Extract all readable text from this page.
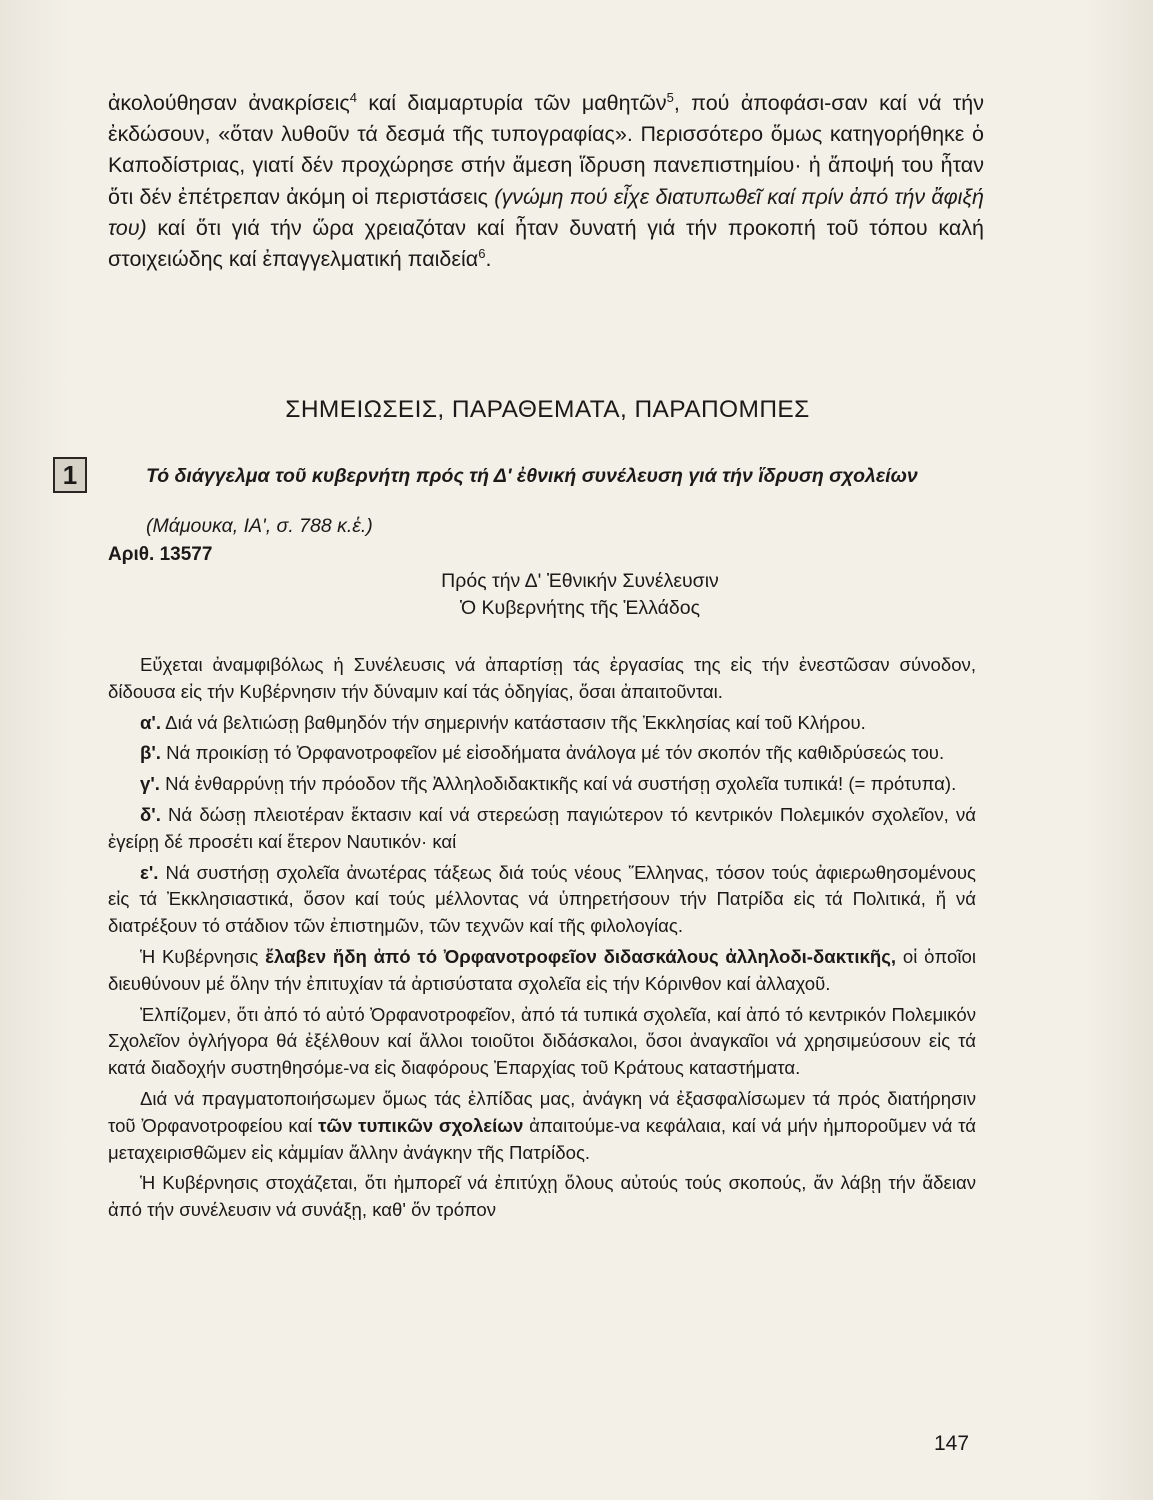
ἀκολούθησαν ἀνακρίσεις$^4$ καί διαμαρτυρία τῶν μαθητῶν$^5$, πού ἀποφάσι-σαν καί νά τήν ἐκδώσουν, «ὅταν λυθοῦν τά δεσμά τῆς τυπογραφίας». Περισσότερο ὅμως κατηγορήθηκε ὁ Καποδίστριας, γιατί δέν προχώρησε στήν ἄμεση ἵδρυση πανεπιστημίου· ἡ ἄποψή του ἦταν ὅτι δέν ἐπέτρεπαν ἀκόμη οἱ περιστάσεις (γνώμη πού εἶχε διατυπωθεῖ καί πρίν ἀπό τήν ἄφιξή του) καί ὅτι γιά τήν ὥρα χρειαζόταν καί ἦταν δυνατή γιά τήν προκοπή τοῦ τόπου καλή στοιχειώδης καί ἐπαγγελματική παιδεία$^6$.

ΣΗΜΕΙΩΣΕΙΣ, ΠΑΡΑΘΕΜΑΤΑ, ΠΑΡΑΠΟΜΠΕΣ
1	Τό διάγγελμα τοῦ κυβερνήτη πρός τή Δ' ἐθνική συνέλευση γιά τήν ἵδρυση σχολείων

(Μάμουκα, ΙΑ', σ. 788 κ.ἑ.)

Αριθ. 13577

Πρός τήν Δ' Ἐθνικήν Συνέλευσιν

Ὁ Κυβερνήτης τῆς Ἑλλάδος

Εὔχεται ἀναμφιβόλως ἡ Συνέλευσις νά ἀπαρτίσῃ τάς ἐργασίας της εἰς τήν ἐνεστῶσαν σύνοδον, δίδουσα εἰς τήν Κυβέρνησιν τήν δύναμιν καί τάς ὁδηγίας, ὅσαι ἀπαιτοῦνται.

α'. Διά νά βελτιώσῃ βαθμηδόν τήν σημερινήν κατάστασιν τῆς Ἐκκλησίας καί τοῦ Κλήρου.

β'. Νά προικίσῃ τό Ὀρφανοτροφεῖον μέ εἰσοδήματα ἀνάλογα μέ τόν σκοπόν τῆς καθιδρύσεώς του.

γ'. Νά ἐνθαρρύνῃ τήν πρόοδον τῆς Ἀλληλοδιδακτικῆς καί νά συστήσῃ σχολεῖα τυπικά! (= πρότυπα).

δ'. Νά δώσῃ πλειοτέραν ἔκτασιν καί νά στερεώσῃ παγιώτερον τό κεντρικόν Πολεμικόν σχολεῖον, νά ἐγείρῃ δέ προσέτι καί ἕτερον Ναυτικόν· καί

ε'. Νά συστήσῃ σχολεῖα ἀνωτέρας τάξεως διά τούς νέους Ἕλληνας, τόσον τούς ἀφιερωθησομένους εἰς τά Ἐκκλησιαστικά, ὅσον καί τούς μέλλοντας νά ὑπηρετήσουν τήν Πατρίδα εἰς τά Πολιτικά, ἤ νά διατρέξουν τό στάδιον τῶν ἐπιστημῶν, τῶν τεχνῶν καί τῆς φιλολογίας.

Ἡ Κυβέρνησις ἔλαβεν ἤδη ἀπό τό Ὀρφανοτροφεῖον διδασκάλους ἀλληλοδι-δακτικῆς, οἱ ὁποῖοι διευθύνουν μέ ὅλην τήν ἐπιτυχίαν τά ἀρτισύστατα σχολεῖα εἰς τήν Κόρινθον καί ἀλλαχοῦ.

Ἐλπίζομεν, ὅτι ἀπό τό αὐτό Ὀρφανοτροφεῖον, ἀπό τά τυπικά σχολεῖα, καί ἀπό τό κεντρικόν Πολεμικόν Σχολεῖον ὀγλήγορα θά ἐξέλθουν καί ἄλλοι τοιοῦτοι διδάσκαλοι, ὅσοι ἀναγκαῖοι νά χρησιμεύσουν εἰς τά κατά διαδοχήν συστηθησόμε-να εἰς διαφόρους Ἐπαρχίας τοῦ Κράτους καταστήματα.

Διά νά πραγματοποιήσωμεν ὅμως τάς ἐλπίδας μας, ἀνάγκη νά ἐξασφαλίσωμεν τά πρός διατήρησιν τοῦ Ὀρφανοτροφείου καί τῶν τυπικῶν σχολείων ἀπαιτούμε-να κεφάλαια, καί νά μήν ἠμποροῦμεν νά τά μεταχειρισθῶμεν εἰς κἀμμίαν ἄλλην ἀνάγκην τῆς Πατρίδος.

Ἡ Κυβέρνησις στοχάζεται, ὅτι ἠμπορεῖ νά ἐπιτύχῃ ὅλους αὐτούς τούς σκοπούς, ἄν λάβῃ τήν ἄδειαν ἀπό τήν συνέλευσιν νά συνάξῃ, καθ' ὅν τρόπον

147
